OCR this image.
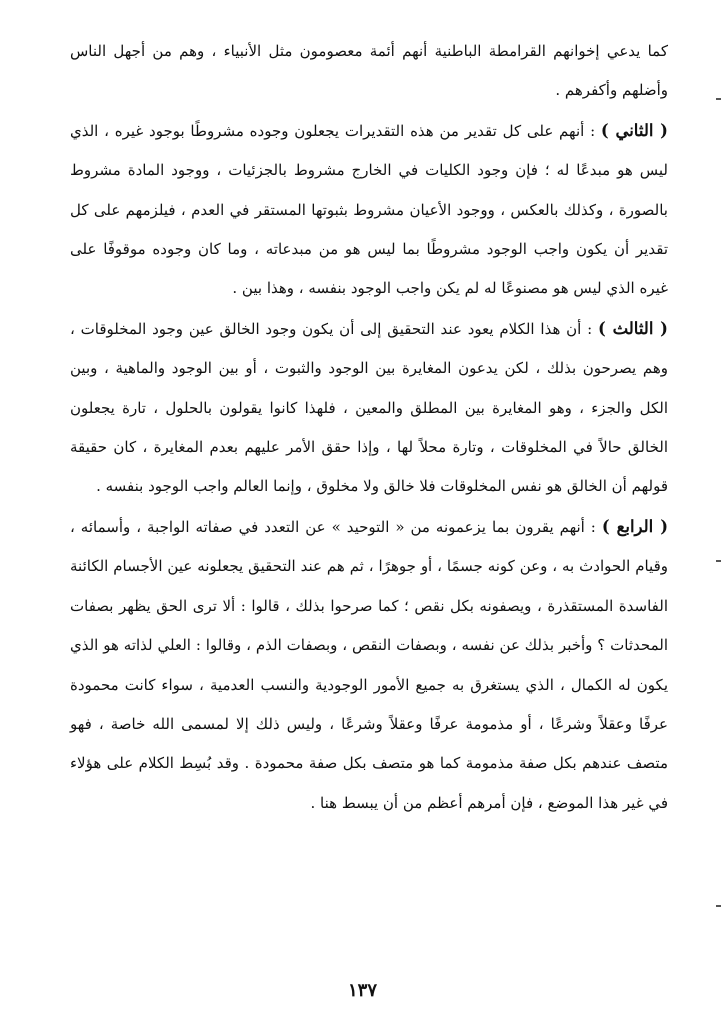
كما يدعي إخوانهم القرامطة الباطنية أنهم أئمة معصومون مثل الأنبياء ، وهم من أجهل الناس وأضلهم وأكفرهم .

( الثاني ) : أنهم على كل تقدير من هذه التقديرات يجعلون وجوده مشروطًا بوجود غيره ، الذي ليس هو مبدعًا له ؛ فإن وجود الكليات في الخارج مشروط بالجزئيات ، ووجود المادة مشروط بالصورة ، وكذلك بالعكس ، ووجود الأعيان مشروط بثبوتها المستقر في العدم ، فيلزمهم على كل تقدير أن يكون واجب الوجود مشروطًا بما ليس هو من مبدعاته ، وما كان وجوده موقوفًا على غيره الذي ليس هو مصنوعًا له لم يكن واجب الوجود بنفسه ، وهذا بين .

( الثالث ) : أن هذا الكلام يعود عند التحقيق إلى أن يكون وجود الخالق عين وجود المخلوقات ، وهم يصرحون بذلك ، لكن يدعون المغايرة بين الوجود والثبوت ، أو بين الوجود والماهية ، وبين الكل والجزء ، وهو المغايرة بين المطلق والمعين ، فلهذا كانوا يقولون بالحلول ، تارة يجعلون الخالق حالاً في المخلوقات ، وتارة محلاً لها ، وإذا حقق الأمر عليهم بعدم المغايرة ، كان حقيقة قولهم أن الخالق هو نفس المخلوقات فلا خالق ولا مخلوق ، وإنما العالم واجب الوجود بنفسه .

( الرابع ) : أنهم يقرون بما يزعمونه من « التوحيد » عن التعدد في صفاته الواجبة ، وأسمائه ، وقيام الحوادث به ، وعن كونه جسمًا ، أو جوهرًا ، ثم هم عند التحقيق يجعلونه عين الأجسام الكائنة الفاسدة المستقذرة ، ويصفونه بكل نقص ؛ كما صرحوا بذلك ، قالوا : ألا ترى الحق يظهر بصفات المحدثات ؟ وأخبر بذلك عن نفسه ، وبصفات النقص ، وبصفات الذم ، وقالوا : العلي لذاته هو الذي يكون له الكمال ، الذي يستغرق به جميع الأمور الوجودية والنسب العدمية ، سواء كانت محمودة عرفًا وعقلاً وشرعًا ، أو مذمومة عرفًا وعقلاً وشرعًا ، وليس ذلك إلا لمسمى الله خاصة ، فهو متصف عندهم بكل صفة مذمومة كما هو متصف بكل صفة محمودة . وقد بُسِط الكلام على هؤلاء في غير هذا الموضع ، فإن أمرهم أعظم من أن يبسط هنا .

١٣٧
